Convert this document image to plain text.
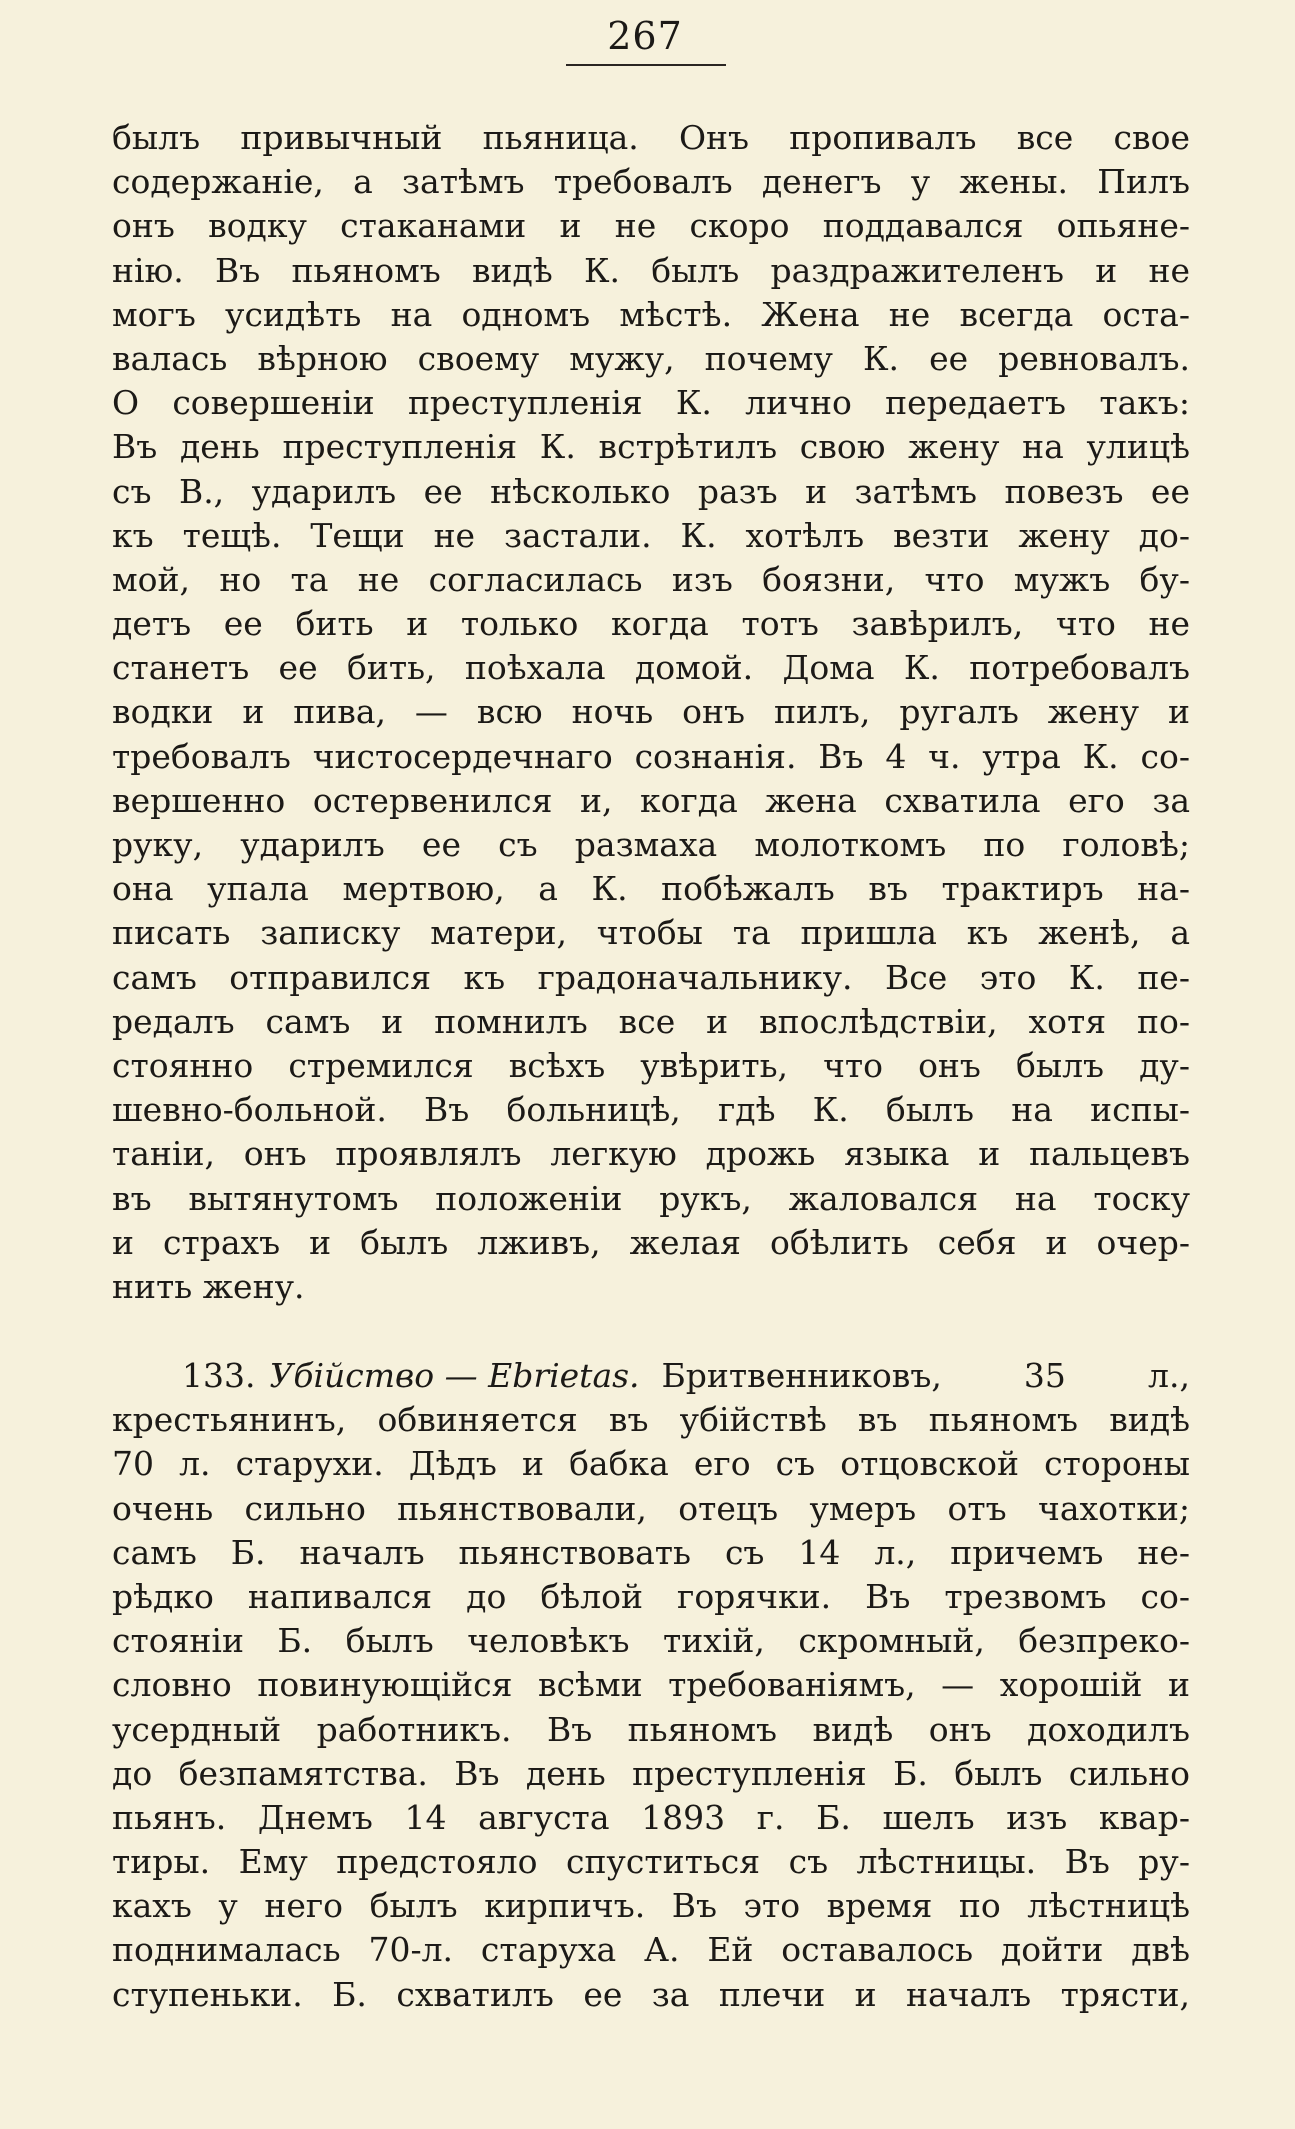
267
былъ привычный пьяница. Онъ пропивалъ все свое
содержаніе, а затѣмъ требовалъ денегъ у жены. Пилъ
онъ водку стаканами и не скоро поддавался опьяне-
нію. Въ пьяномъ видѣ К. былъ раздражителенъ и не
могъ усидѣть на одномъ мѣстѣ. Жена не всегда оста-
валась вѣрною своему мужу, почему К. ее ревновалъ.
О совершеніи преступленія К. лично передаетъ такъ:
Въ день преступленія К. встрѣтилъ свою жену на улицѣ
съ В., ударилъ ее нѣсколько разъ и затѣмъ повезъ ее
къ тещѣ. Тещи не застали. К. хотѣлъ везти жену до-
мой, но та не согласилась изъ боязни, что мужъ бу-
детъ ее бить и только когда тотъ завѣрилъ, что не
станетъ ее бить, поѣхала домой. Дома К. потребовалъ
водки и пива, — всю ночь онъ пилъ, ругалъ жену и
требовалъ чистосердечнаго сознанія. Въ 4 ч. утра К. со-
вершенно остервенился и, когда жена схватила его за
руку, ударилъ ее съ размаха молоткомъ по головѣ;
она упала мертвою, а К. побѣжалъ въ трактиръ на-
писать записку матери, чтобы та пришла къ женѣ, а
самъ отправился къ градоначальнику. Все это К. пе-
редалъ самъ и помнилъ все и впослѣдствіи, хотя по-
стоянно стремился всѣхъ увѣрить, что онъ былъ ду-
шевно-больной. Въ больницѣ, гдѣ К. былъ на испы-
таніи, онъ проявлялъ легкую дрожь языка и пальцевъ
въ вытянутомъ положеніи рукъ, жаловался на тоску
и страхъ и былъ лживъ, желая обѣлить себя и очер-
нить жену.
133. Убійство — Ebrietas. Бритвенниковъ, 35 л.,
крестьянинъ, обвиняется въ убійствѣ въ пьяномъ видѣ
70 л. старухи. Дѣдъ и бабка его съ отцовской стороны
очень сильно пьянствовали, отецъ умеръ отъ чахотки;
самъ Б. началъ пьянствовать съ 14 л., причемъ не-
рѣдко напивался до бѣлой горячки. Въ трезвомъ со-
стояніи Б. былъ человѣкъ тихій, скромный, безпреко-
словно повинующійся всѣми требованіямъ, — хорошій и
усердный работникъ. Въ пьяномъ видѣ онъ доходилъ
до безпамятства. Въ день преступленія Б. былъ сильно
пьянъ. Днемъ 14 августа 1893 г. Б. шелъ изъ квар-
тиры. Ему предстояло спуститься съ лѣстницы. Въ ру-
кахъ у него былъ кирпичъ. Въ это время по лѣстницѣ
поднималась 70-л. старуха А. Ей оставалось дойти двѣ
ступеньки. Б. схватилъ ее за плечи и началъ трясти,
